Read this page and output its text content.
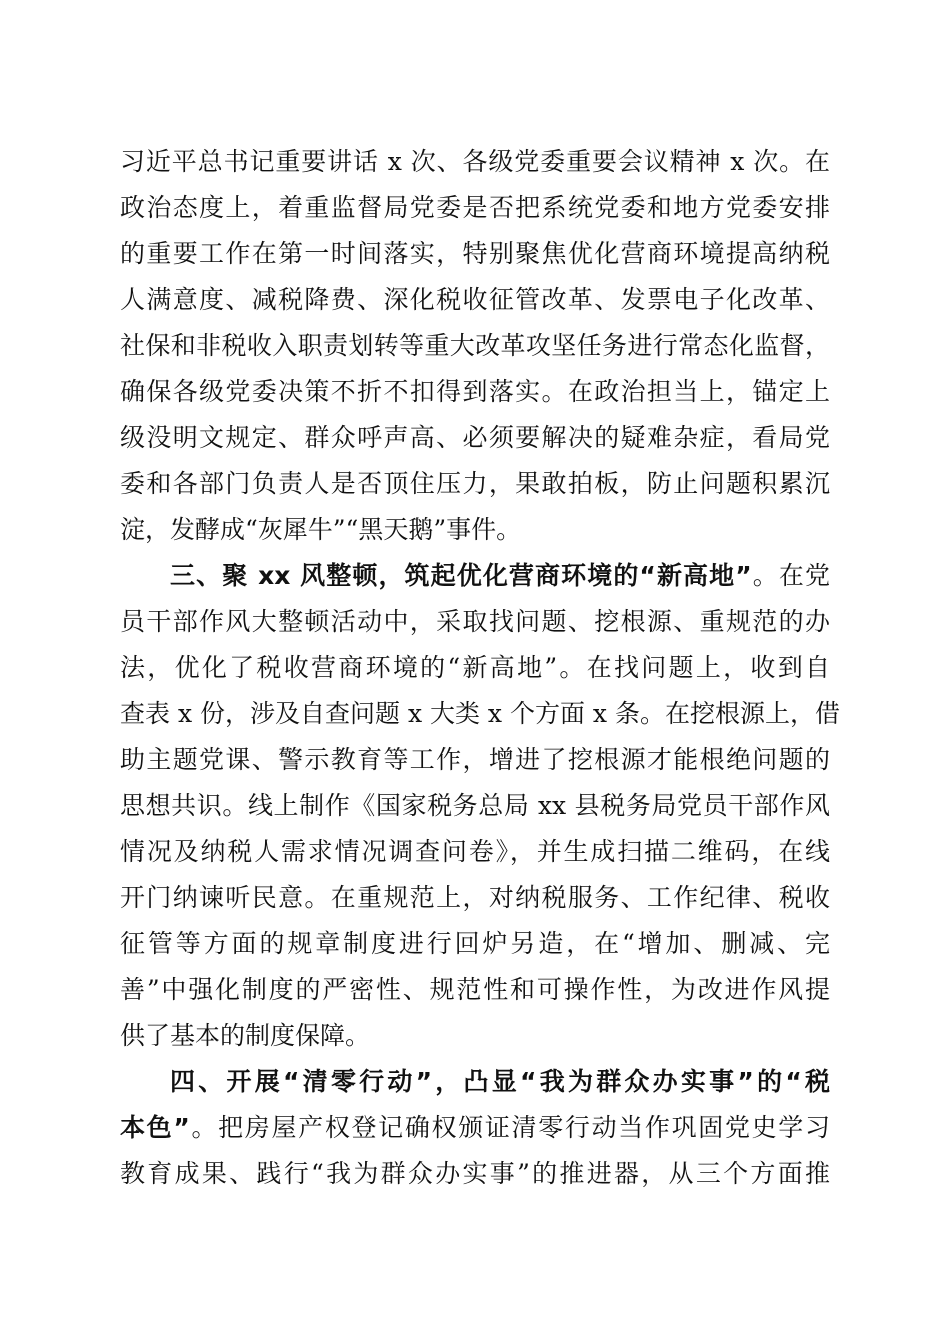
习近平总书记重要讲话 x 次、各级党委重要会议精神 x 次。在
政治态度上，着重监督局党委是否把系统党委和地方党委安排
的重要工作在第一时间落实，特别聚焦优化营商环境提高纳税
人满意度、减税降费、深化税收征管改革、发票电子化改革、
社保和非税收入职责划转等重大改革攻坚任务进行常态化监督，
确保各级党委决策不折不扣得到落实。在政治担当上，锚定上
级没明文规定、群众呼声高、必须要解决的疑难杂症，看局党
委和各部门负责人是否顶住压力，果敢拍板，防止问题积累沉
淀，发酵成“灰犀牛”“黑天鹅”事件。
三、聚 xx 风整顿，筑起优化营商环境的“新高地”。在党
员干部作风大整顿活动中，采取找问题、挖根源、重规范的办
法，优化了税收营商环境的“新高地”。在找问题上，收到自
查表 x 份，涉及自查问题 x 大类 x 个方面 x 条。在挖根源上，借
助主题党课、警示教育等工作，增进了挖根源才能根绝问题的
思想共识。线上制作《国家税务总局 xx 县税务局党员干部作风
情况及纳税人需求情况调查问卷》，并生成扫描二维码，在线
开门纳谏听民意。在重规范上，对纳税服务、工作纪律、税收
征管等方面的规章制度进行回炉另造，在“增加、删减、完
善”中强化制度的严密性、规范性和可操作性，为改进作风提
供了基本的制度保障。
四、开展“清零行动”，凸显“我为群众办实事”的“税
本色”。把房屋产权登记确权颁证清零行动当作巩固党史学习
教育成果、践行“我为群众办实事”的推进器，从三个方面推
